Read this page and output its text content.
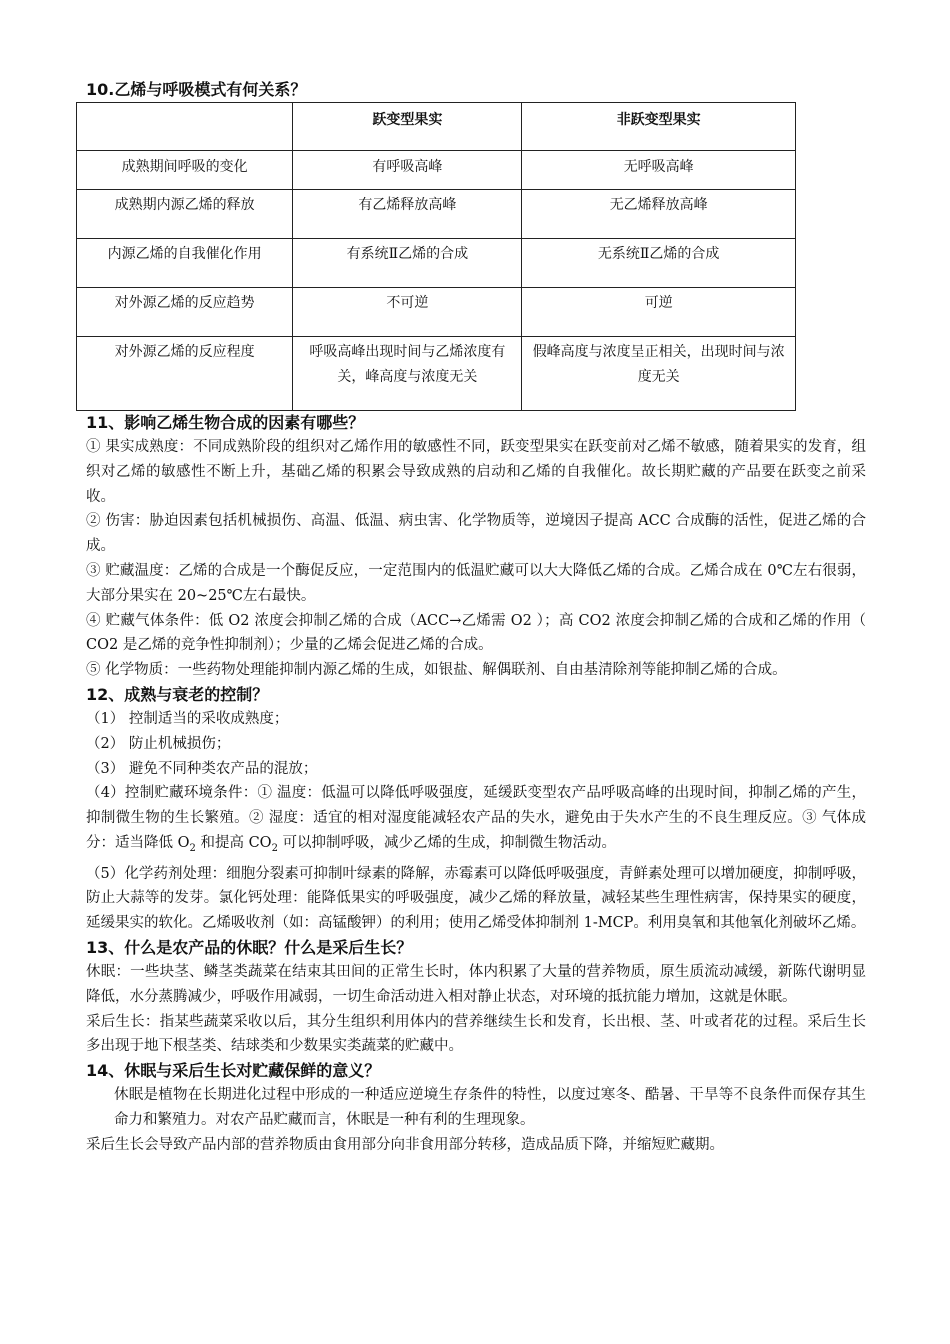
10.乙烯与呼吸模式有何关系？
	跃变型果实	非跃变型果实
成熟期间呼吸的变化	有呼吸高峰	无呼吸高峰
成熟期内源乙烯的释放	有乙烯释放高峰	无乙烯释放高峰
内源乙烯的自我催化作用	有系统Ⅱ乙烯的合成	无系统Ⅱ乙烯的合成
对外源乙烯的反应趋势	不可逆	可逆
对外源乙烯的反应程度	呼吸高峰出现时间与乙烯浓度有关，峰高度与浓度无关	假峰高度与浓度呈正相关，出现时间与浓度无关
11、影响乙烯生物合成的因素有哪些？

① 果实成熟度：不同成熟阶段的组织对乙烯作用的敏感性不同，跃变型果实在跃变前对乙烯不敏感，随着果实的发育，组织对乙烯的敏感性不断上升，基础乙烯的积累会导致成熟的启动和乙烯的自我催化。故长期贮藏的产品要在跃变之前采收。

② 伤害：胁迫因素包括机械损伤、高温、低温、病虫害、化学物质等，逆境因子提高 ACC 合成酶的活性，促进乙烯的合成。

③ 贮藏温度：乙烯的合成是一个酶促反应，一定范围内的低温贮藏可以大大降低乙烯的合成。乙烯合成在 0℃左右很弱，大部分果实在 20~25℃左右最快。

④ 贮藏气体条件：低 O2 浓度会抑制乙烯的合成（ACC→乙烯需 O2 ）；高 CO2 浓度会抑制乙烯的合成和乙烯的作用（ CO2 是乙烯的竞争性抑制剂）；少量的乙烯会促进乙烯的合成。

⑤ 化学物质：一些药物处理能抑制内源乙烯的生成，如银盐、解偶联剂、自由基清除剂等能抑制乙烯的合成。

12、成熟与衰老的控制？

（1） 控制适当的采收成熟度；

（2） 防止机械损伤；

（3） 避免不同种类农产品的混放；

（4）控制贮藏环境条件：① 温度：低温可以降低呼吸强度，延缓跃变型农产品呼吸高峰的出现时间，抑制乙烯的产生，抑制微生物的生长繁殖。② 湿度：适宜的相对湿度能减轻农产品的失水，避免由于失水产生的不良生理反应。③ 气体成分：适当降低 $O_2$ 和提高 $CO_2$ 可以抑制呼吸，减少乙烯的生成，抑制微生物活动。

（5）化学药剂处理：细胞分裂素可抑制叶绿素的降解，赤霉素可以降低呼吸强度，青鲜素处理可以增加硬度，抑制呼吸，防止大蒜等的发芽。氯化钙处理：能降低果实的呼吸强度，减少乙烯的释放量，减轻某些生理性病害，保持果实的硬度，延缓果实的软化。乙烯吸收剂（如：高锰酸钾）的利用；使用乙烯受体抑制剂 1-MCP。利用臭氧和其他氧化剂破坏乙烯。

13、什么是农产品的休眠？什么是采后生长？

休眠：一些块茎、鳞茎类蔬菜在结束其田间的正常生长时，体内积累了大量的营养物质，原生质流动减缓，新陈代谢明显降低，水分蒸腾减少，呼吸作用减弱，一切生命活动进入相对静止状态，对环境的抵抗能力增加，这就是休眠。

采后生长：指某些蔬菜采收以后，其分生组织利用体内的营养继续生长和发育，长出根、茎、叶或者花的过程。采后生长多出现于地下根茎类、结球类和少数果实类蔬菜的贮藏中。

14、休眠与采后生长对贮藏保鲜的意义？

休眠是植物在长期进化过程中形成的一种适应逆境生存条件的特性，以度过寒冬、酷暑、干旱等不良条件而保存其生命力和繁殖力。对农产品贮藏而言，休眠是一种有利的生理现象。

采后生长会导致产品内部的营养物质由食用部分向非食用部分转移，造成品质下降，并缩短贮藏期。
